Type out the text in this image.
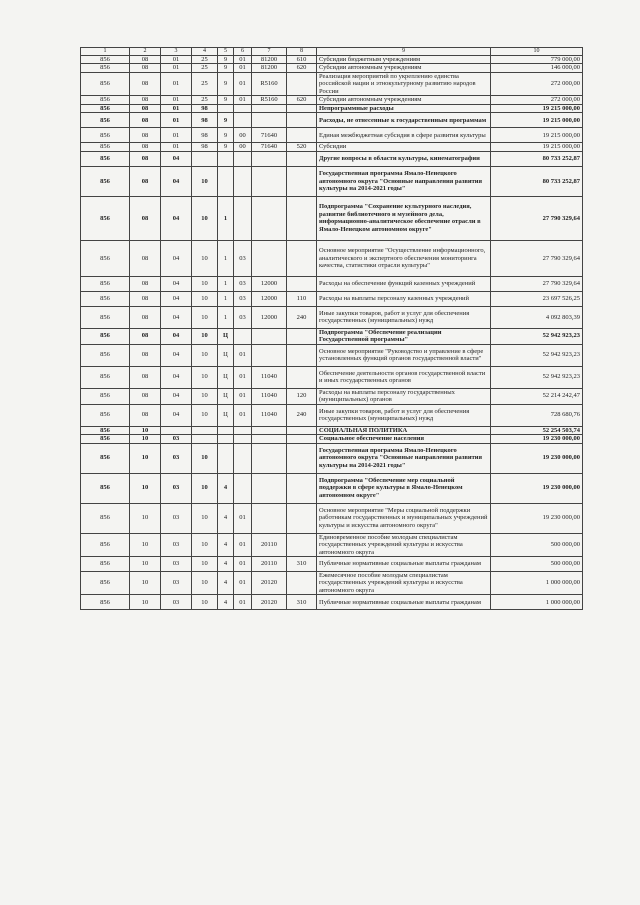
1	2	3	4	5	6	7	8	9	10
856	08	01	25	9	01	81200	610	Субсидии бюджетным учреждениям	779 000,00
856	08	01	25	9	01	81200	620	Субсидии автономным учреждениям	146 000,00
856	08	01	25	9	01	R5160		Реализация мероприятий по укреплению единства российской нации и этнокультурному развитию народов России	272 000,00
856	08	01	25	9	01	R5160	620	Субсидии автономным учреждениям	272 000,00
856	08	01	98					Непрограммные расходы	19 215 000,00
856	08	01	98	9				Расходы, не отнесенные к государственным программам	19 215 000,00
856	08	01	98	9	00	71640		Единая межбюджетная субсидия в сфере развития культуры	19 215 000,00
856	08	01	98	9	00	71640	520	Субсидии	19 215 000,00
856	08	04						Другие вопросы в области культуры, кинематографии	80 733 252,87
856	08	04	10					Государственная программа Ямало-Ненецкого автономного округа "Основные направления развития культуры на 2014-2021 годы"	80 733 252,87
856	08	04	10	1				Подпрограмма "Сохранение культурного наследия, развитие библиотечного и музейного дела, информационно-аналитическое обеспечение отрасли в Ямало-Ненецком автономном округе"	27 790 329,64
856	08	04	10	1	03			Основное мероприятие "Осуществление информационного, аналитического и экспертного обеспечения мониторинга качества, статистики отрасли культуры"	27 790 329,64
856	08	04	10	1	03	12000		Расходы на обеспечение функций казенных учреждений	27 790 329,64
856	08	04	10	1	03	12000	110	Расходы на выплаты персоналу казенных учреждений	23 697 526,25
856	08	04	10	1	03	12000	240	Иные закупки товаров, работ и услуг для обеспечения государственных (муниципальных) нужд	4 092 803,39
856	08	04	10	Ц				Подпрограмма "Обеспечение реализации Государственной программы"	52 942 923,23
856	08	04	10	Ц	01			Основное мероприятие "Руководство и управление в сфере установленных функций органов государственной власти"	52 942 923,23
856	08	04	10	Ц	01	11040		Обеспечение деятельности органов государственной власти и иных государственных органов	52 942 923,23
856	08	04	10	Ц	01	11040	120	Расходы на выплаты персоналу государственных (муниципальных) органов	52 214 242,47
856	08	04	10	Ц	01	11040	240	Иные закупки товаров, работ и услуг для обеспечения государственных (муниципальных) нужд	728 680,76
856	10							СОЦИАЛЬНАЯ ПОЛИТИКА	52 254 503,74
856	10	03						Социальное обеспечение населения	19 230 000,00
856	10	03	10					Государственная программа Ямало-Ненецкого автономного округа "Основные направления развития культуры на 2014-2021 годы"	19 230 000,00
856	10	03	10	4				Подпрограмма "Обеспечение мер социальной поддержки в сфере культуры в Ямало-Ненецком автономном округе"	19 230 000,00
856	10	03	10	4	01			Основное мероприятие "Меры социальной поддержки работникам государственных и муниципальных учреждений культуры и искусства автономного округа"	19 230 000,00
856	10	03	10	4	01	20110		Единовременное пособие молодым специалистам государственных учреждений культуры и искусства автономного округа	500 000,00
856	10	03	10	4	01	20110	310	Публичные нормативные социальные выплаты гражданам	500 000,00
856	10	03	10	4	01	20120		Ежемесячное пособие молодым специалистам государственных учреждений культуры и искусства автономного округа	1 000 000,00
856	10	03	10	4	01	20120	310	Публичные нормативные социальные выплаты гражданам	1 000 000,00
